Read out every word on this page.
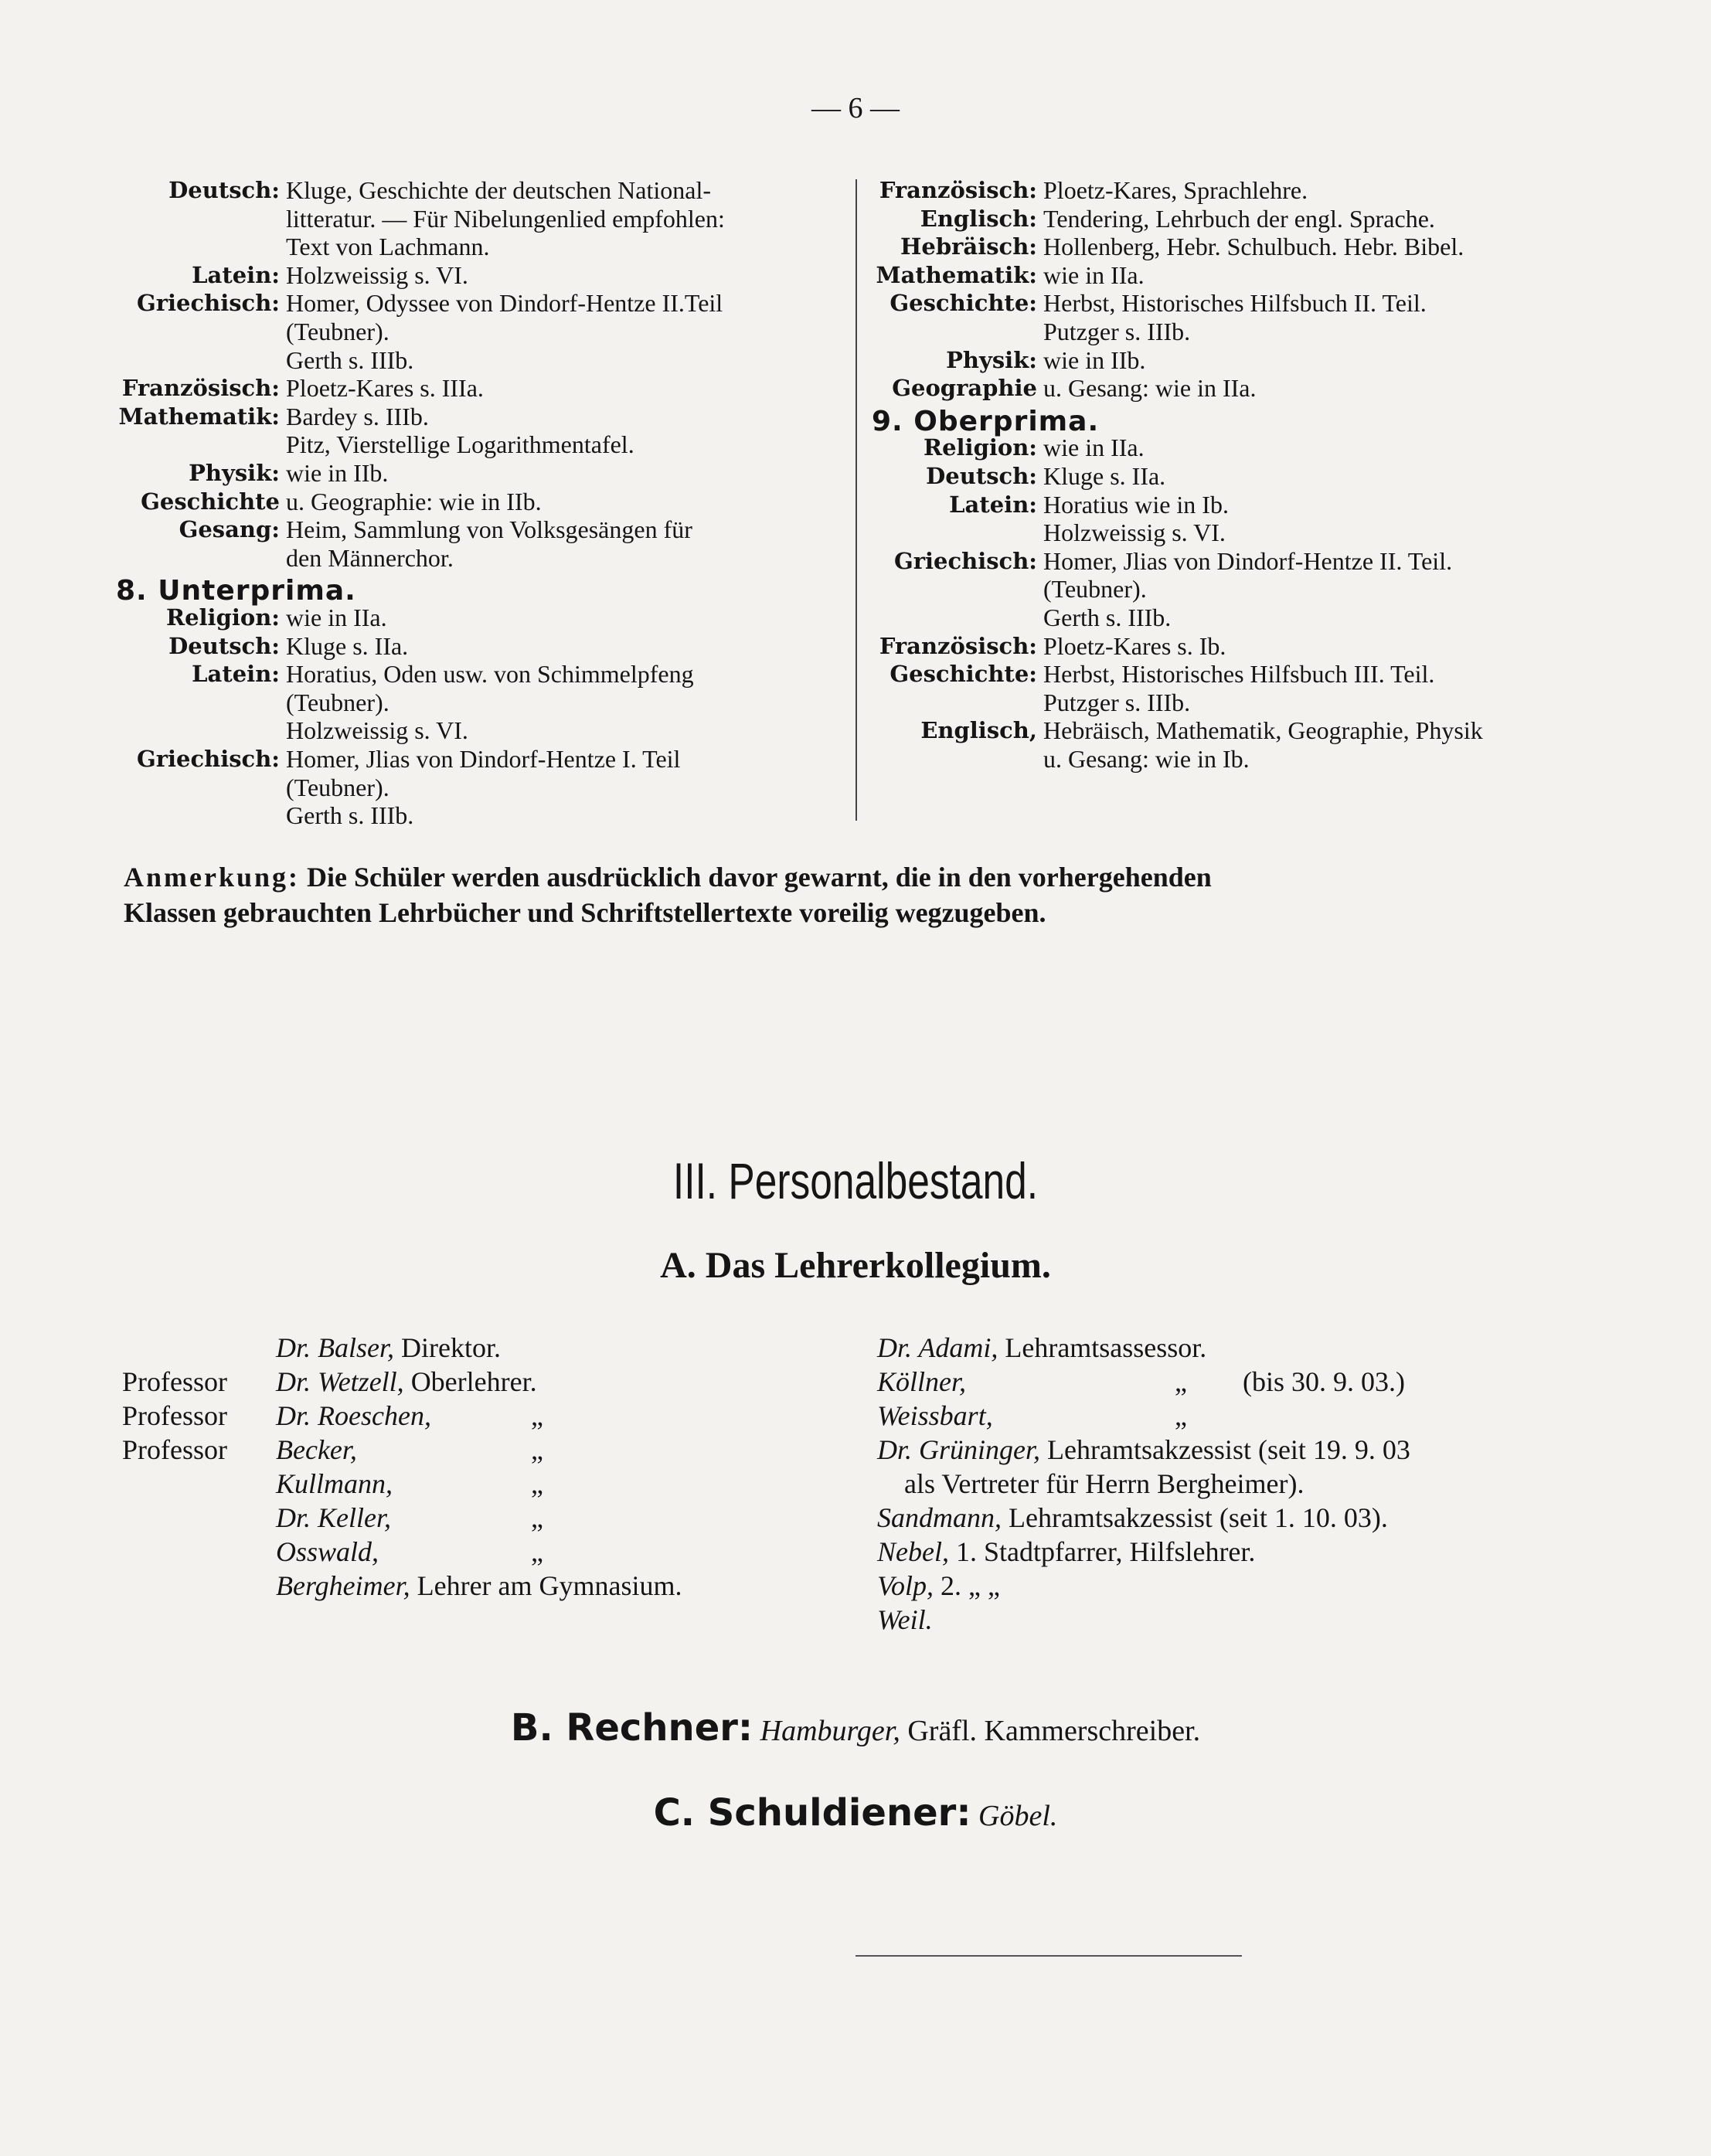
— 6 —
Deutsch: Kluge, Geschichte der deutschen National-
litteratur. — Für Nibelungenlied empfohlen:
Text von Lachmann.
Latein: Holzweissig s. VI.
Griechisch: Homer, Odyssee von Dindorf-Hentze II.Teil
(Teubner).
Gerth s. IIIb.
Französisch: Ploetz-Kares s. IIIa.
Mathematik: Bardey s. IIIb.
Pitz, Vierstellige Logarithmentafel.
Physik: wie in IIb.
Geschichte u. Geographie: wie in IIb.
Gesang: Heim, Sammlung von Volksgesängen für
den Männerchor.
8. Unterprima.
Religion: wie in IIa.
Deutsch: Kluge s. IIa.
Latein: Horatius, Oden usw. von Schimmelpfeng
(Teubner).
Holzweissig s. VI.
Griechisch: Homer, Jlias von Dindorf-Hentze I. Teil
(Teubner).
Gerth s. IIIb.
Französisch: Ploetz-Kares, Sprachlehre.
Englisch: Tendering, Lehrbuch der engl. Sprache.
Hebräisch: Hollenberg, Hebr. Schulbuch. Hebr. Bibel.
Mathematik: wie in IIa.
Geschichte: Herbst, Historisches Hilfsbuch II. Teil.
Putzger s. IIIb.
Physik: wie in IIb.
Geographie u. Gesang: wie in IIa.
9. Oberprima.
Religion: wie in IIa.
Deutsch: Kluge s. IIa.
Latein: Horatius wie in Ib.
Holzweissig s. VI.
Griechisch: Homer, Jlias von Dindorf-Hentze II. Teil.
(Teubner).
Gerth s. IIIb.
Französisch: Ploetz-Kares s. Ib.
Geschichte: Herbst, Historisches Hilfsbuch III. Teil.
Putzger s. IIIb.
Englisch, Hebräisch, Mathematik, Geographie, Physik
u. Gesang: wie in Ib.
Anmerkung: Die Schüler werden ausdrücklich davor gewarnt, die in den vorhergehenden
Klassen gebrauchten Lehrbücher und Schriftstellertexte voreilig wegzugeben.
III. Personalbestand.
A. Das Lehrerkollegium.
Dr. Balser, Direktor.
Professor Dr. Wetzell, Oberlehrer.
Professor Dr. Roeschen,	„
Professor Becker,	„
Kullmann,	„
Dr. Keller,	„
Osswald,	„
Bergheimer, Lehrer am Gymnasium.
Dr. Adami, Lehramtsassessor.
Köllner,	„        (bis 30. 9. 03.)
Weissbart,	„
Dr. Grüninger, Lehramtsakzessist (seit 19. 9. 03
als Vertreter für Herrn Bergheimer).
Sandmann, Lehramtsakzessist (seit 1. 10. 03).
Nebel, 1. Stadtpfarrer, Hilfslehrer.
Volp, 2. „ „
Weil.
B. Rechner: Hamburger, Gräfl. Kammerschreiber.
C. Schuldiener: Göbel.
